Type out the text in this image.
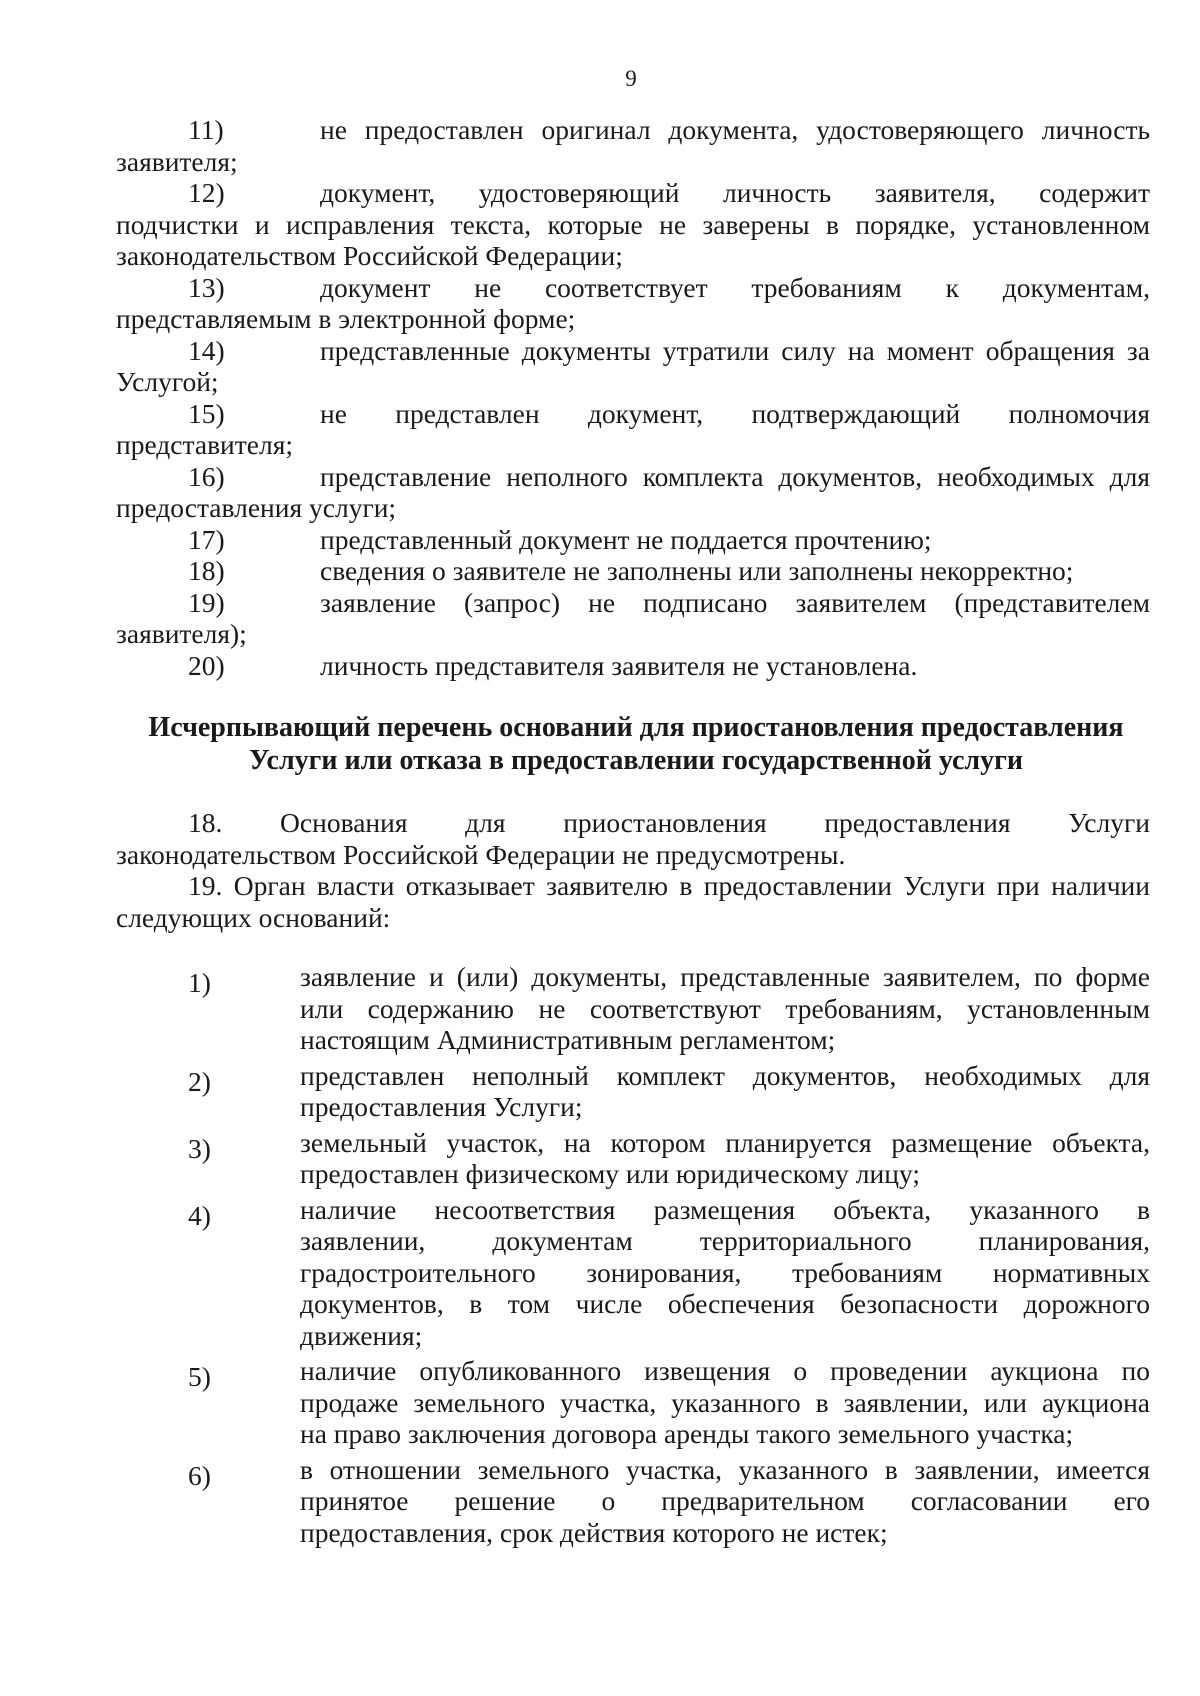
9
11)	не предоставлен оригинал документа, удостоверяющего личность
заявителя;
12)	документ, удостоверяющий личность заявителя, содержит
подчистки и исправления текста, которые не заверены в порядке, установленном
законодательством Российской Федерации;
13)	документ не соответствует требованиям к документам,
представляемым в электронной форме;
14)	представленные документы утратили силу на момент обращения за
Услугой;
15)	не представлен документ, подтверждающий полномочия
представителя;
16)	представление неполного комплекта документов, необходимых для
предоставления услуги;
17)	представленный документ не поддается прочтению;
18)	сведения о заявителе не заполнены или заполнены некорректно;
19)	заявление (запрос) не подписано заявителем (представителем
заявителя);
20)	личность представителя заявителя не установлена.
Исчерпывающий перечень оснований для приостановления предоставления
Услуги или отказа в предоставлении государственной услуги
18. Основания для приостановления предоставления Услуги
законодательством Российской Федерации не предусмотрены.
19. Орган власти отказывает заявителю в предоставлении Услуги при наличии
следующих оснований:
1)	заявление и (или) документы, представленные заявителем, по форме
или содержанию не соответствуют требованиям, установленным
настоящим Административным регламентом;
2)	представлен неполный комплект документов, необходимых для
предоставления Услуги;
3)	земельный участок, на котором планируется размещение объекта,
предоставлен физическому или юридическому лицу;
4)	наличие несоответствия размещения объекта, указанного в
заявлении, документам территориального планирования,
градостроительного зонирования, требованиям нормативных
документов, в том числе обеспечения безопасности дорожного
движения;
5)	наличие опубликованного извещения о проведении аукциона по
продаже земельного участка, указанного в заявлении, или аукциона
на право заключения договора аренды такого земельного участка;
6)	в отношении земельного участка, указанного в заявлении, имеется
принятое решение о предварительном согласовании его
предоставления, срок действия которого не истек;
